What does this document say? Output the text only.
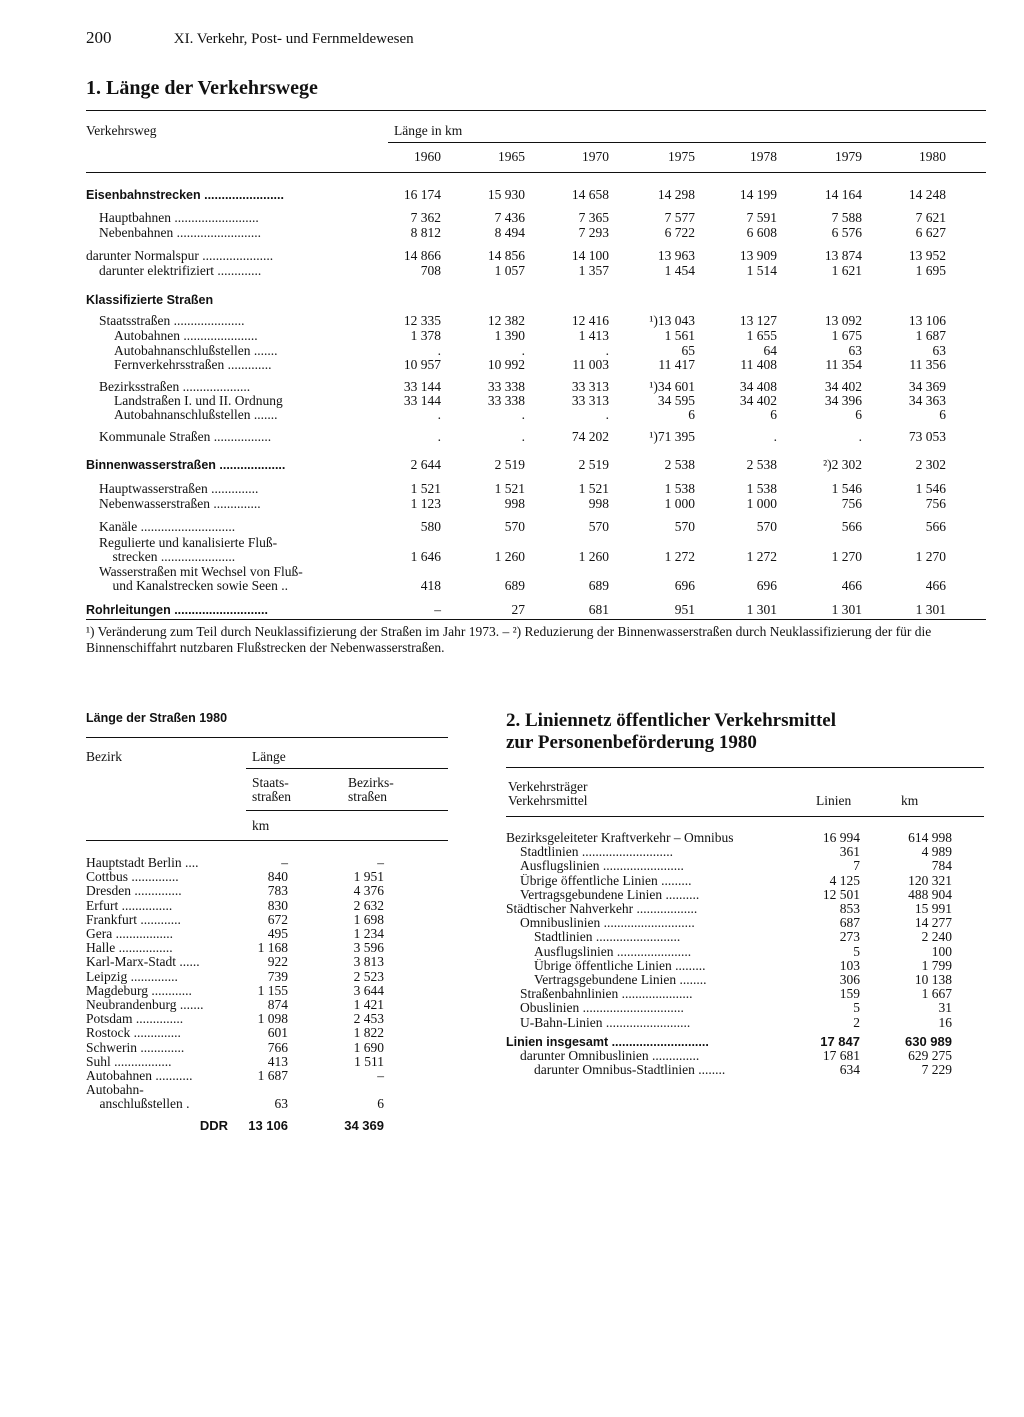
200	XI. Verkehr, Post- und Fernmeldewesen
1. Länge der Verkehrswege
Verkehrsweg	Länge in km
1960	1965	1970	1975	1978	1979	1980
Eisenbahnstrecken .......................	16 174	15 930	14 658	14 298	14 199	14 164	14 248
Hauptbahnen .........................	7 362	7 436	7 365	7 577	7 591	7 588	7 621
Nebenbahnen .........................	8 812	8 494	7 293	6 722	6 608	6 576	6 627
darunter Normalspur .....................	14 866	14 856	14 100	13 963	13 909	13 874	13 952
darunter elektrifiziert .............	708	1 057	1 357	1 454	1 514	1 621	1 695
Klassifizierte Straßen
Staatsstraßen .....................	12 335	12 382	12 416	¹)13 043	13 127	13 092	13 106
Autobahnen ......................	1 378	1 390	1 413	1 561	1 655	1 675	1 687
Autobahnanschlußstellen .......	.	.	.	65	64	63	63
Fernverkehrsstraßen .............	10 957	10 992	11 003	11 417	11 408	11 354	11 356
Bezirksstraßen ....................	33 144	33 338	33 313	¹)34 601	34 408	34 402	34 369
Landstraßen I. und II. Ordnung	33 144	33 338	33 313	34 595	34 402	34 396	34 363
Autobahnanschlußstellen .......	.	.	.	6	6	6	6
Kommunale Straßen .................	.	.	74 202	¹)71 395	.	.	73 053
Binnenwasserstraßen ...................	2 644	2 519	2 519	2 538	2 538	²)2 302	2 302
Hauptwasserstraßen ..............	1 521	1 521	1 521	1 538	1 538	1 546	1 546
Nebenwasserstraßen ..............	1 123	998	998	1 000	1 000	756	756
Kanäle ............................	580	570	570	570	570	566	566
Regulierte und kanalisierte Fluß-
strecken ......................	1 646	1 260	1 260	1 272	1 272	1 270	1 270
Wasserstraßen mit Wechsel von Fluß-
und Kanalstrecken sowie Seen ..	418	689	689	696	696	466	466
Rohrleitungen ...........................	–	27	681	951	1 301	1 301	1 301
¹) Veränderung zum Teil durch Neuklassifizierung der Straßen im Jahr 1973. – ²) Reduzierung der Binnenwasserstraßen durch Neuklassifizierung der für die Binnenschiffahrt nutzbaren Flußstrecken der Nebenwasserstraßen.
Länge der Straßen 1980
Bezirk	Länge
Staats-
straßen
Bezirks-
straßen
km
Hauptstadt Berlin ....	–	–
Cottbus ..............	840	1 951
Dresden ..............	783	4 376
Erfurt ...............	830	2 632
Frankfurt ............	672	1 698
Gera .................	495	1 234
Halle ................	1 168	3 596
Karl-Marx-Stadt ......	922	3 813
Leipzig ..............	739	2 523
Magdeburg ............	1 155	3 644
Neubrandenburg .......	874	1 421
Potsdam ..............	1 098	2 453
Rostock ..............	601	1 822
Schwerin .............	766	1 690
Suhl .................	413	1 511
Autobahnen ...........	1 687	–
Autobahn-
anschlußstellen .	63	6
DDR	13 106	34 369
2. Liniennetz öffentlicher Verkehrsmittel
zur Personenbeförderung 1980
Verkehrsträger
Verkehrsmittel	Linien	km
Bezirksgeleiteter Kraftverkehr – Omnibus	16 994	614 998
Stadtlinien ...........................	361	4 989
Ausflugslinien ........................	7	784
Übrige öffentliche Linien .........	4 125	120 321
Vertragsgebundene Linien ..........	12 501	488 904
Städtischer Nahverkehr ..................	853	15 991
Omnibuslinien ...........................	687	14 277
Stadtlinien .........................	273	2 240
Ausflugslinien ......................	5	100
Übrige öffentliche Linien .........	103	1 799
Vertragsgebundene Linien ........	306	10 138
Straßenbahnlinien .....................	159	1 667
Obuslinien ..............................	5	31
U-Bahn-Linien .........................	2	16
Linien insgesamt ............................	17 847	630 989
darunter Omnibuslinien ..............	17 681	629 275
darunter Omnibus-Stadtlinien ........	634	7 229
